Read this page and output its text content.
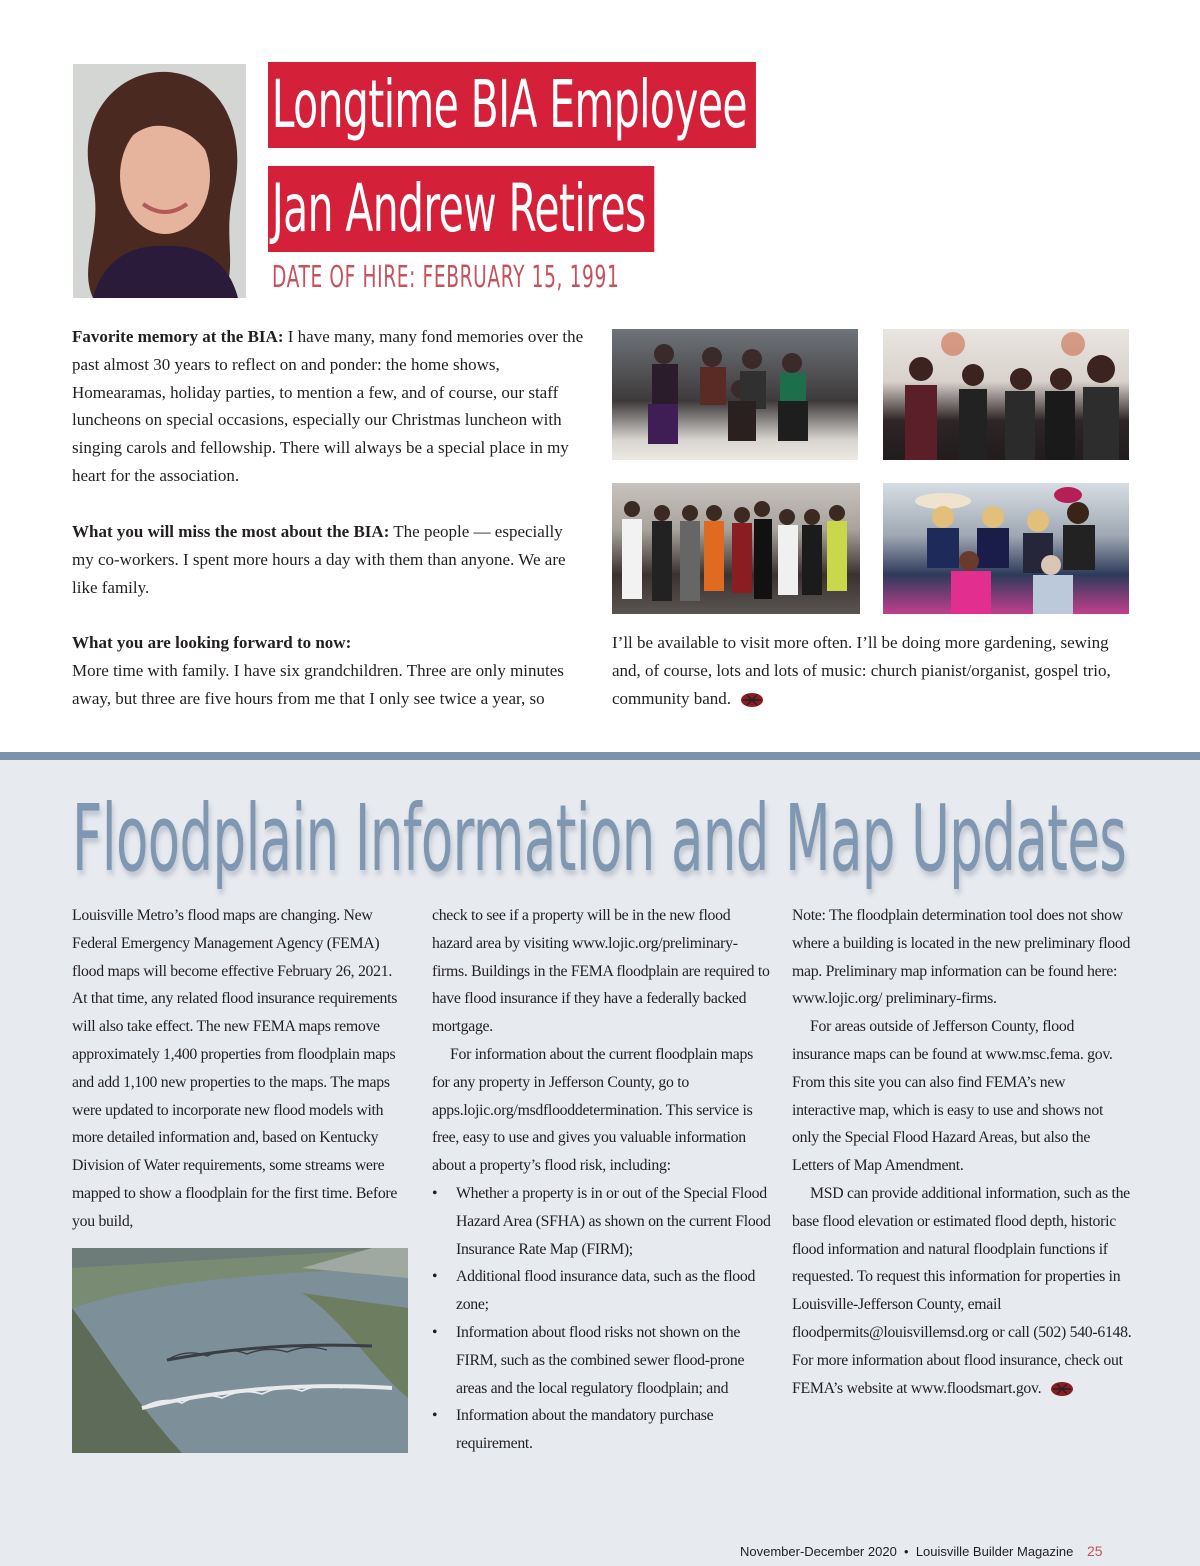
Longtime BIA Employee
Jan Andrew Retires
DATE OF HIRE: FEBRUARY 15, 1991
Favorite memory at the BIA: I have many, many fond memories over the past almost 30 years to reflect on and ponder: the home shows, Homearamas, holiday parties, to mention a few, and of course, our staff luncheons on special occasions, especially our Christmas luncheon with singing carols and fellowship. There will always be a special place in my heart for the association.
What you will miss the most about the BIA: The people — especially my co-workers. I spent more hours a day with them than anyone. We are like family.
What you are looking forward to now:
More time with family. I have six grandchildren. Three are only minutes away, but three are five hours from me that I only see twice a year, so
I’ll be available to visit more often. I’ll be doing more gardening, sewing and, of course, lots and lots of music: church pianist/organist, gospel trio, community band.
Floodplain Information and Map Updates

Louisville Metro’s flood maps are changing. New Federal Emergency Management Agency (FEMA) flood maps will become effective February 26, 2021. At that time, any related flood insurance requirements will also take effect. The new FEMA maps remove approximately 1,400 properties from floodplain maps and add 1,100 new properties to the maps. The maps were updated to incorporate new flood models with more detailed information and, based on Kentucky Division of Water requirements, some streams were mapped to show a floodplain for the first time. Before you build,

check to see if a property will be in the new flood hazard area by visiting www.lojic.org/preliminary-firms. Buildings in the FEMA floodplain are required to have flood insurance if they have a federally backed mortgage.

For information about the current floodplain maps for any property in Jefferson County, go to apps.lojic.org/msdflooddetermination. This service is free, easy to use and gives you valuable information about a property’s flood risk, including:

• Whether a property is in or out of the Special Flood Hazard Area (SFHA) as shown on the current Flood Insurance Rate Map (FIRM);
• Additional flood insurance data, such as the flood zone;
• Information about flood risks not shown on the FIRM, such as the combined sewer flood-prone areas and the local regulatory floodplain; and
• Information about the mandatory purchase requirement.

Note: The floodplain determination tool does not show where a building is located in the new preliminary flood map. Preliminary map information can be found here: www.lojic.org/ preliminary-firms.

For areas outside of Jefferson County, flood insurance maps can be found at www.msc.fema. gov. From this site you can also find FEMA’s new interactive map, which is easy to use and shows not only the Special Flood Hazard Areas, but also the Letters of Map Amendment.

MSD can provide additional information, such as the base flood elevation or estimated flood depth, historic flood information and natural floodplain functions if requested. To request this information for properties in Louisville-Jefferson County, email floodpermits@louisvillemsd.org or call (502) 540-6148. For more information about flood insurance, check out FEMA’s website at www.floodsmart.gov.

November-December 2020 • Louisville Builder Magazine 25
